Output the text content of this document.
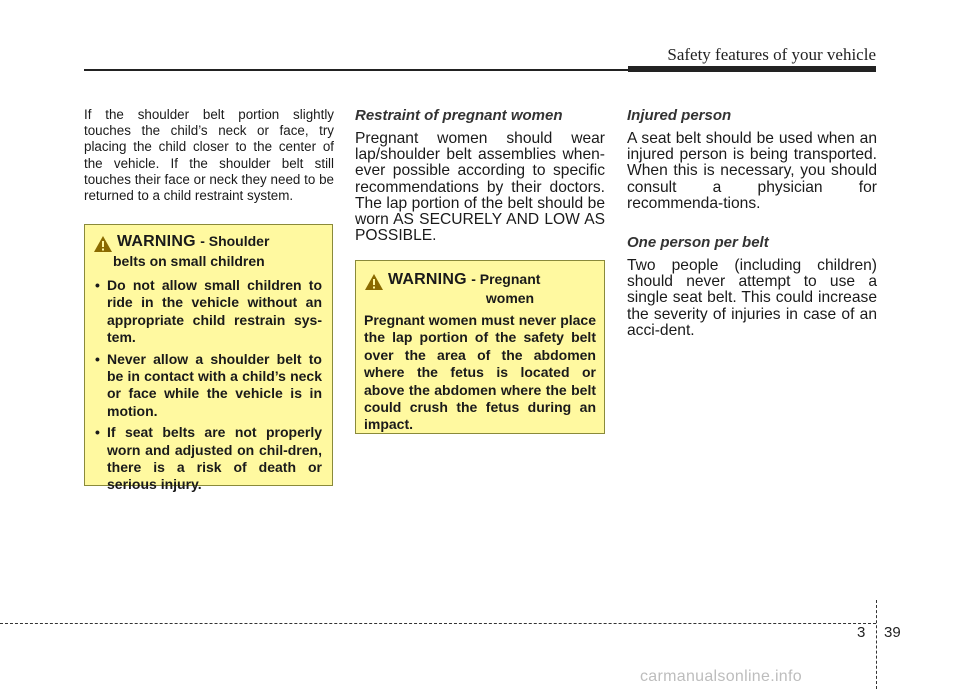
Safety features of your vehicle

If the shoulder belt portion slightly touches the child’s neck or face, try placing the child closer to the center of the vehicle. If the shoulder belt still touches their face or neck they need to be returned to a child restraint system.

WARNING - Shoulder
belts on small children
• Do not allow small children to ride in the vehicle without an appropriate child restrain sys-tem.
• Never allow a shoulder belt to be in contact with a child’s neck or face while the vehicle is in motion.
• If seat belts are not properly worn and adjusted on chil-dren, there is a risk of death or serious injury.
Restraint of pregnant women

Pregnant women should wear lap/shoulder belt assemblies when-ever possible according to specific recommendations by their doctors. The lap portion of the belt should be worn AS SECURELY AND LOW AS POSSIBLE.

WARNING - Pregnant
women
Pregnant women must never place the lap portion of the safety belt over the area of the abdomen where the fetus is located or above the abdomen where the belt could crush the fetus during an impact.
Injured person

A seat belt should be used when an injured person is being transported. When this is necessary, you should consult a physician for recommenda-tions.

One person per belt

Two people (including children) should never attempt to use a single seat belt. This could increase the severity of injuries in case of an acci-dent.

3 39
carmanualsonline.info
